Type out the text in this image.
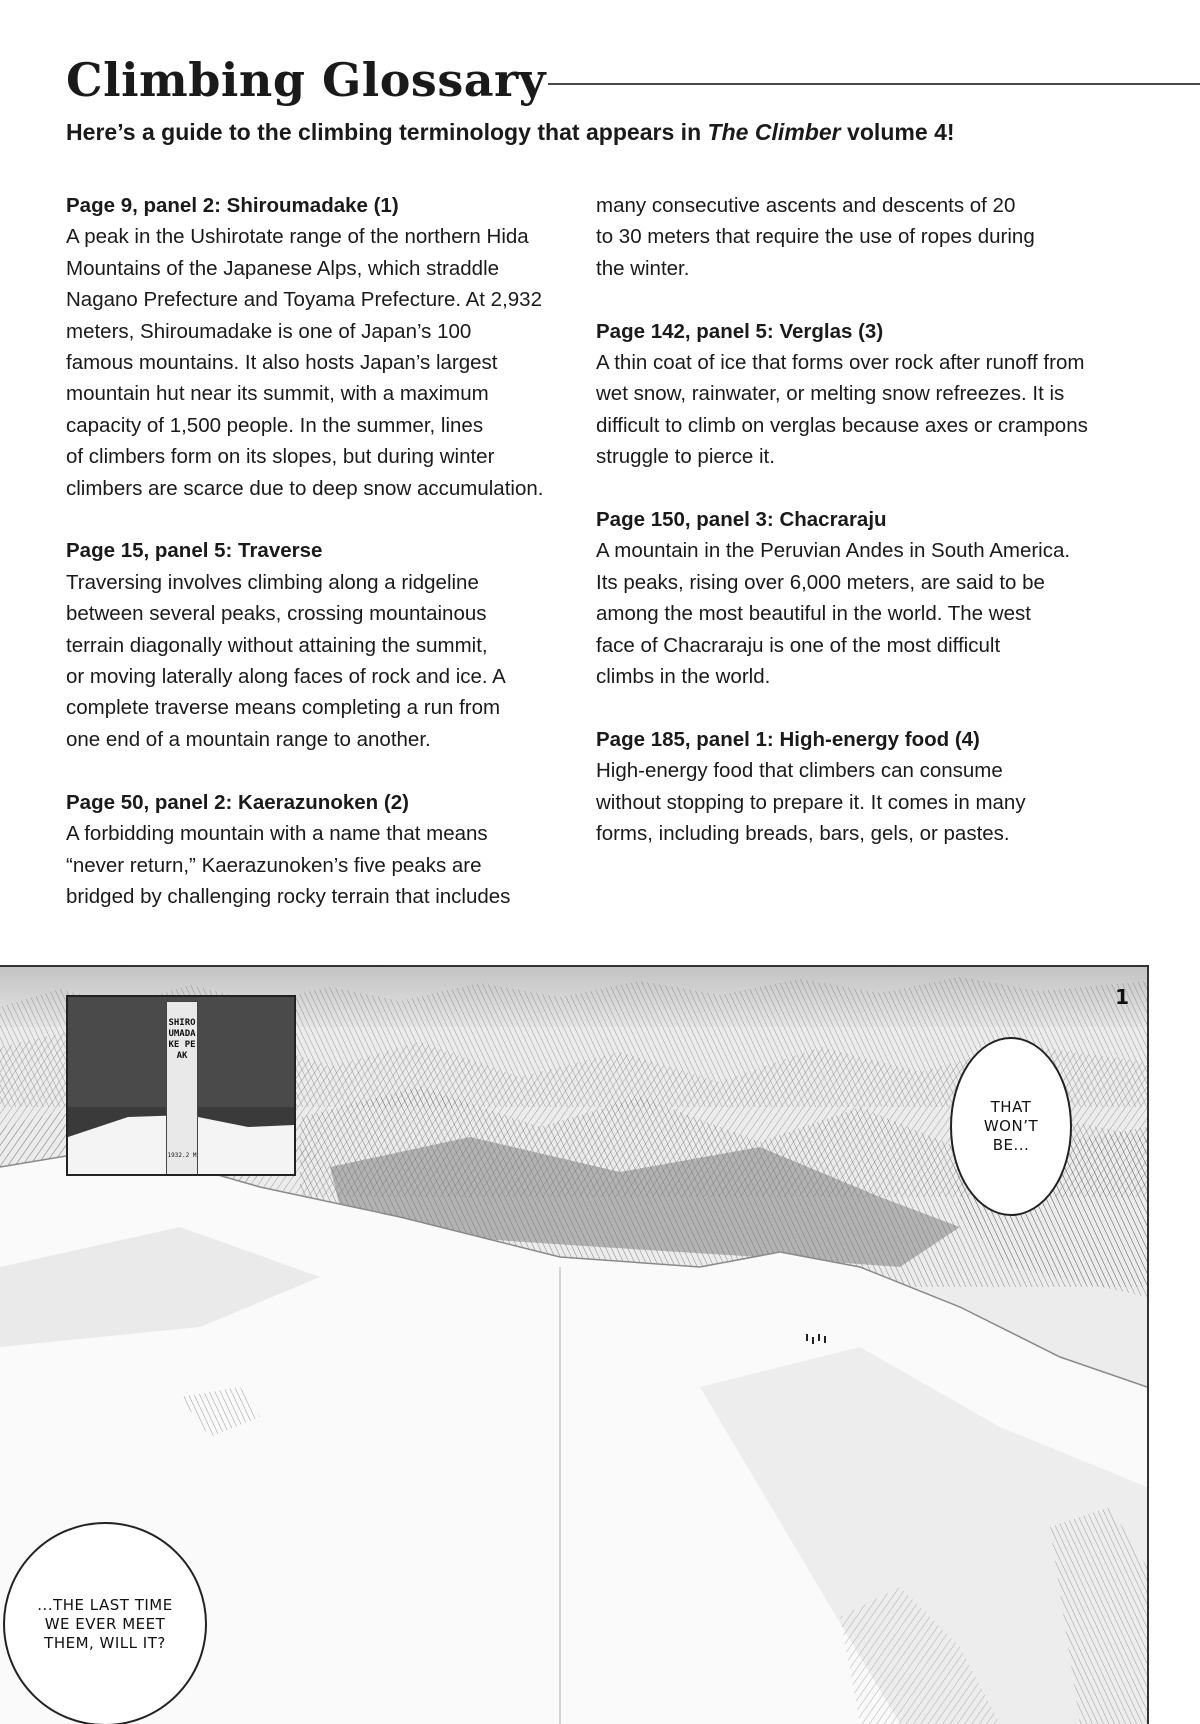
Climbing Glossary

Here’s a guide to the climbing terminology that appears in The Climber volume 4!

Page 9, panel 2: Shiroumadake (1)
A peak in the Ushirotate range of the northern Hida
Mountains of the Japanese Alps, which straddle
Nagano Prefecture and Toyama Prefecture. At 2,932
meters, Shiroumadake is one of Japan’s 100
famous mountains. It also hosts Japan’s largest
mountain hut near its summit, with a maximum
capacity of 1,500 people. In the summer, lines
of climbers form on its slopes, but during winter
climbers are scarce due to deep snow accumulation.
Page 15, panel 5: Traverse
Traversing involves climbing along a ridgeline
between several peaks, crossing mountainous
terrain diagonally without attaining the summit,
or moving laterally along faces of rock and ice. A
complete traverse means completing a run from
one end of a mountain range to another.
Page 50, panel 2: Kaerazunoken (2)
A forbidding mountain with a name that means
“never return,” Kaerazunoken’s five peaks are
bridged by challenging rocky terrain that includes
many consecutive ascents and descents of 20
to 30 meters that require the use of ropes during
the winter.
Page 142, panel 5: Verglas (3)
A thin coat of ice that forms over rock after runoff from
wet snow, rainwater, or melting snow refreezes. It is
difficult to climb on verglas because axes or crampons
struggle to pierce it.
Page 150, panel 3: Chacraraju
A mountain in the Peruvian Andes in South America.
Its peaks, rising over 6,000 meters, are said to be
among the most beautiful in the world. The west
face of Chacraraju is one of the most difficult
climbs in the world.
Page 185, panel 1: High-energy food (4)
High-energy food that climbers can consume
without stopping to prepare it. It comes in many
forms, including breads, bars, gels, or pastes.
1
SHIROUMADAKE PEAK
1932.2 M
THAT WON’T BE...
...THE LAST TIME WE EVER MEET THEM, WILL IT?
